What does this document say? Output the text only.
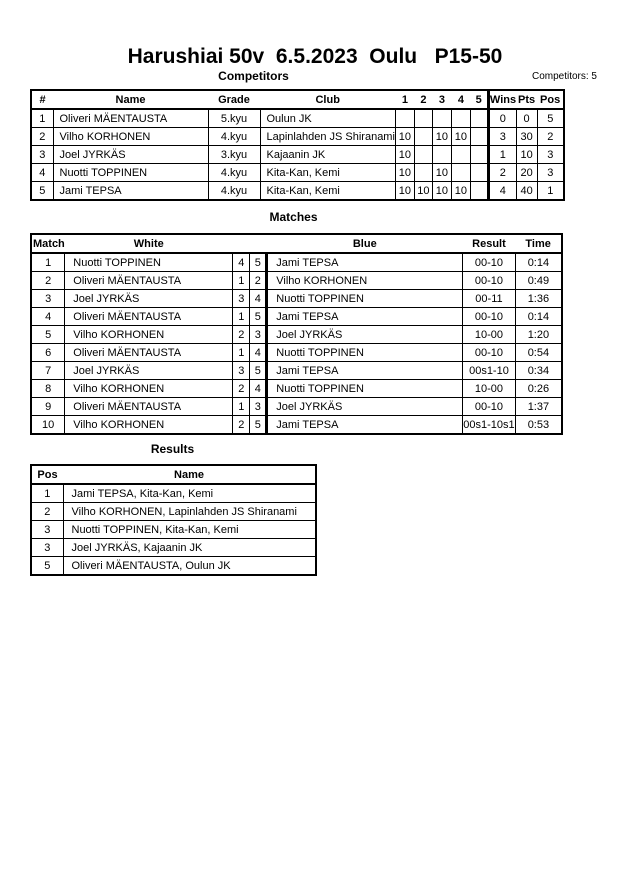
Harushiai 50v  6.5.2023  Oulu   P15-50
Competitors	Competitors: 5
#	Name	Grade	Club	1	2	3	4	5	Wins	Pts	Pos
1	Oliveri MÄENTAUSTA	5.kyu	Oulun JK						0	0	5
2	Vilho KORHONEN	4.kyu	Lapinlahden JS Shiranami	10		10	10		3	30	2
3	Joel JYRKÄS	3.kyu	Kajaanin JK	10					1	10	3
4	Nuotti TOPPINEN	4.kyu	Kita-Kan, Kemi	10		10			2	20	3
5	Jami TEPSA	4.kyu	Kita-Kan, Kemi	10	10	10	10		4	40	1
Matches
Match	White			Blue	Result	Time
1	Nuotti TOPPINEN	4	5	Jami TEPSA	00-10	0:14
2	Oliveri MÄENTAUSTA	1	2	Vilho KORHONEN	00-10	0:49
3	Joel JYRKÄS	3	4	Nuotti TOPPINEN	00-11	1:36
4	Oliveri MÄENTAUSTA	1	5	Jami TEPSA	00-10	0:14
5	Vilho KORHONEN	2	3	Joel JYRKÄS	10-00	1:20
6	Oliveri MÄENTAUSTA	1	4	Nuotti TOPPINEN	00-10	0:54
7	Joel JYRKÄS	3	5	Jami TEPSA	00s1-10	0:34
8	Vilho KORHONEN	2	4	Nuotti TOPPINEN	10-00	0:26
9	Oliveri MÄENTAUSTA	1	3	Joel JYRKÄS	00-10	1:37
10	Vilho KORHONEN	2	5	Jami TEPSA	00s1-10s1	0:53
Results
Pos	Name
1	Jami TEPSA, Kita-Kan, Kemi
2	Vilho KORHONEN, Lapinlahden JS Shiranami
3	Nuotti TOPPINEN, Kita-Kan, Kemi
3	Joel JYRKÄS, Kajaanin JK
5	Oliveri MÄENTAUSTA, Oulun JK
